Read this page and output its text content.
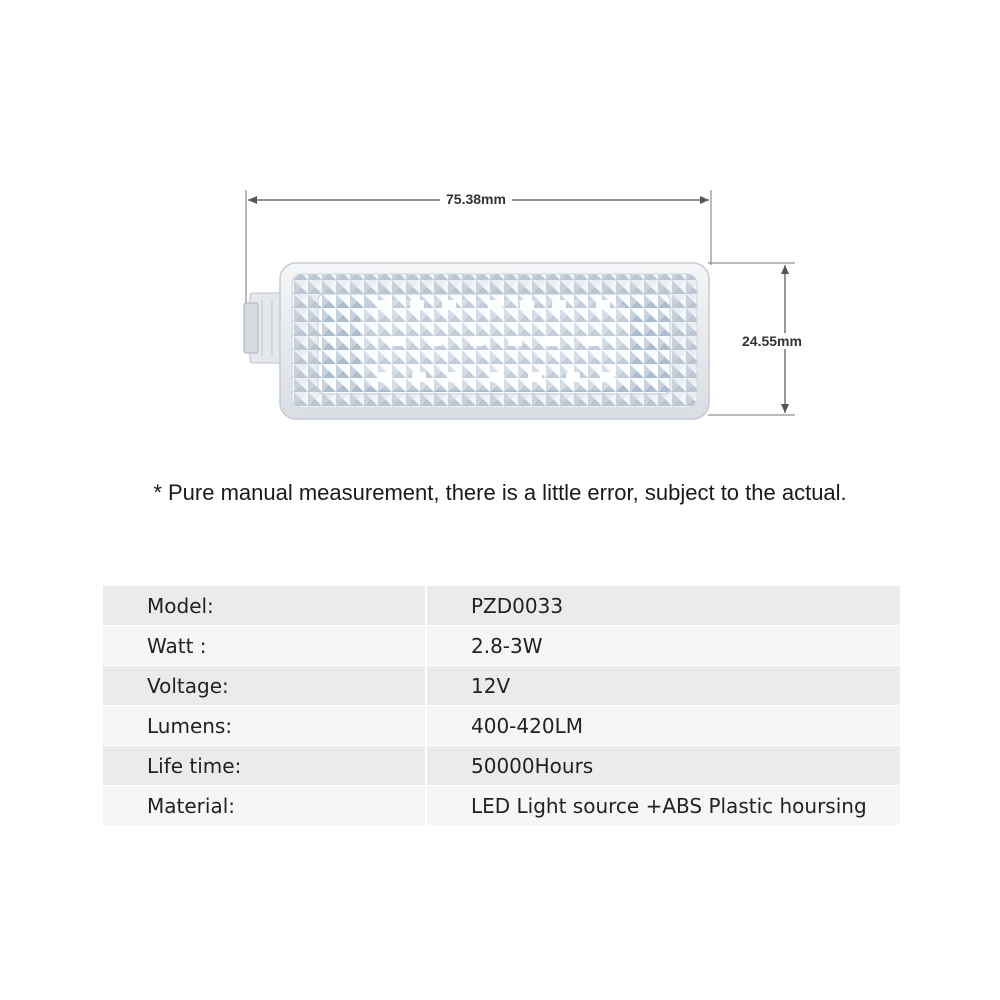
75.38mm
24.55mm
* Pure manual measurement, there is a little error, subject to the actual.
Model:	PZD0033
Watt :	2.8-3W
Voltage:	12V
Lumens:	400-420LM
Life time:	50000Hours
Material:	LED Light source +ABS Plastic hoursing
